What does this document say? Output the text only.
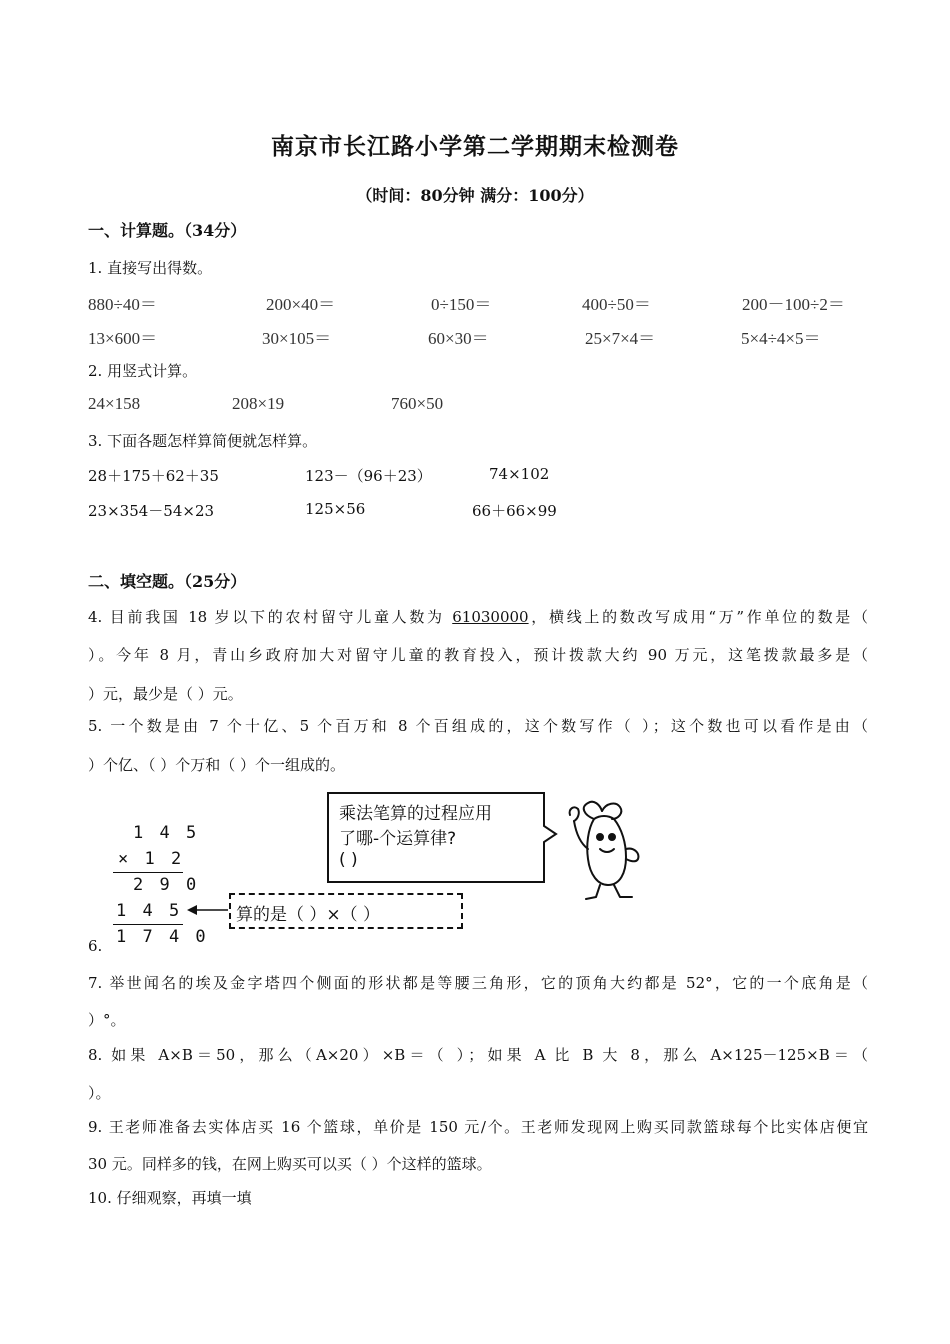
南京市长江路小学第二学期期末检测卷
（时间：80分钟 满分：100分）
一、计算题。（34分）
1. 直接写出得数。
880÷40＝	200×40＝	0÷150＝	400÷50＝	200－100÷2＝
13×600＝	30×105＝	60×30＝	25×7×4＝	5×4÷4×5＝
2. 用竖式计算。
24×158	208×19	760×50
3. 下面各题怎样算简便就怎样算。
28＋175＋62＋35	123－（96＋23）	74×102
23×354－54×23	125×56	66＋66×99
二、填空题。（25分）
4. 目前我国 18 岁以下的农村留守儿童人数为 61030000，横线上的数改写成用“万”作单位的数是（
）。今年 8 月，青山乡政府加大对留守儿童的教育投入，预计拨款大约 90 万元，这笔拨款最多是（
）元，最少是（ ）元。
5. 一个数是由 7 个十亿、5 个百万和 8 个百组成的，这个数写作（ ）；这个数也可以看作是由（
）个亿、（ ）个万和（ ）个一组成的。
6.
1 4 5
× 1 2
2 9 0
1 4 5
1 7 4 0
算的是（ ）×（ ）
乘法笔算的过程应用
了哪-个运算律?
( )
7. 举世闻名的埃及金字塔四个侧面的形状都是等腰三角形，它的顶角大约都是 52°，它的一个底角是（
）°。
8. 如果 A×B＝50，那么（A×20）×B＝（ ）；如果 A 比 B 大 8，那么 A×125－125×B＝（
）。
9. 王老师准备去实体店买 16 个篮球，单价是 150 元/个。王老师发现网上购买同款篮球每个比实体店便宜
30 元。同样多的钱，在网上购买可以买（ ）个这样的篮球。
10. 仔细观察，再填一填
